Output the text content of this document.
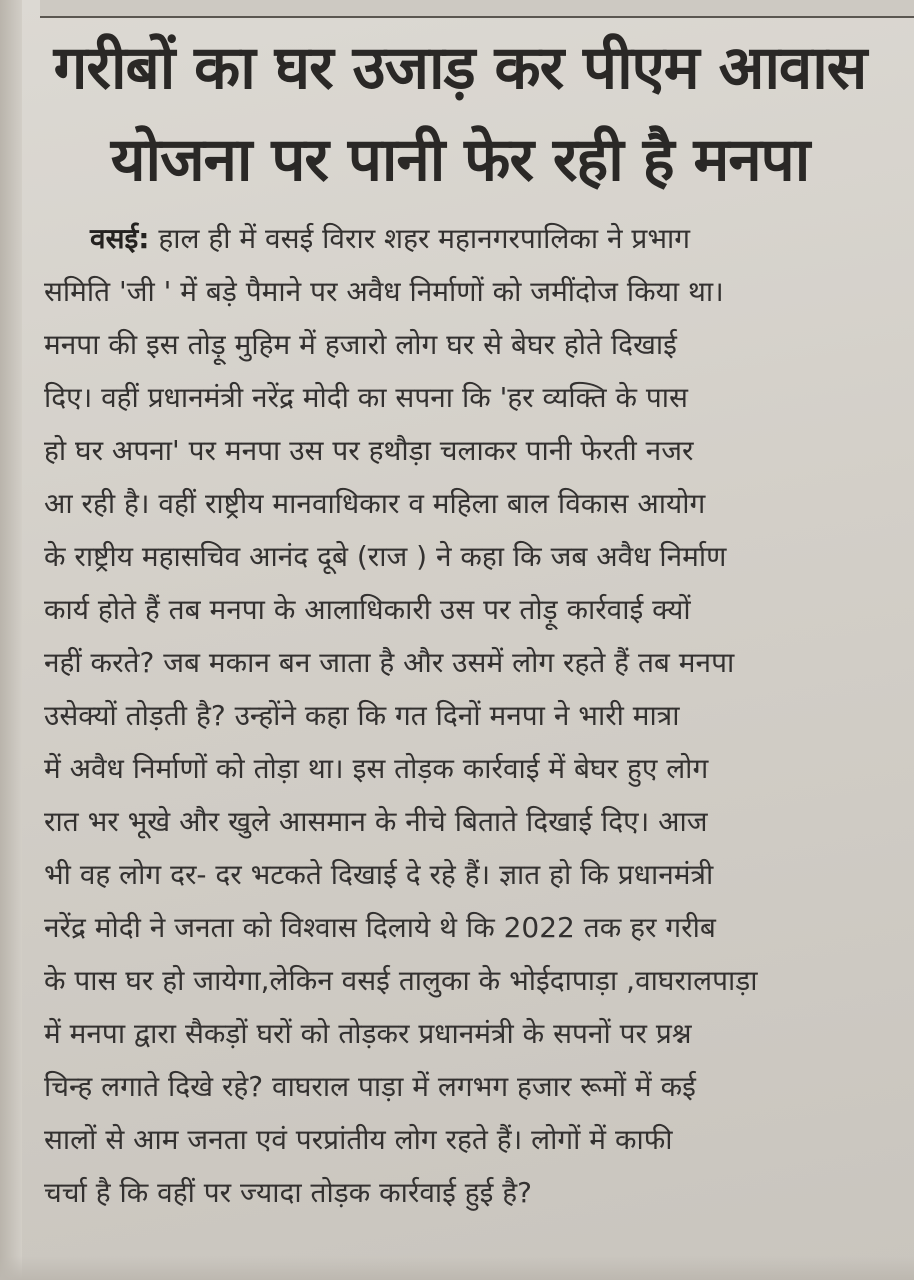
गरीबों का घर उजाड़ कर पीएम आवास
योजना पर पानी फेर रही है मनपा
वसई: हाल ही में वसई विरार शहर महानगरपालिका ने प्रभाग
समिति 'जी ' में बड़े पैमाने पर अवैध निर्माणों को जमींदोज किया था।
मनपा की इस तोड़ू मुहिम में हजारो लोग घर से बेघर होते दिखाई
दिए। वहीं प्रधानमंत्री नरेंद्र मोदी का सपना कि 'हर व्यक्ति के पास
हो घर अपना' पर मनपा उस पर हथौड़ा चलाकर पानी फेरती नजर
आ रही है। वहीं राष्ट्रीय मानवाधिकार व महिला बाल विकास आयोग
के राष्ट्रीय महासचिव आनंद दूबे (राज ) ने कहा कि जब अवैध निर्माण
कार्य होते हैं तब मनपा के आलाधिकारी उस पर तोड़ू कार्रवाई क्यों
नहीं करते? जब मकान बन जाता है और उसमें लोग रहते हैं तब मनपा
उसेक्यों तोड़ती है? उन्होंने कहा कि गत दिनों मनपा ने भारी मात्रा
में अवैध निर्माणों को तोड़ा था। इस तोड़क कार्रवाई में बेघर हुए लोग
रात भर भूखे और खुले आसमान के नीचे बिताते दिखाई दिए। आज
भी वह लोग दर- दर भटकते दिखाई दे रहे हैं। ज्ञात हो कि प्रधानमंत्री
नरेंद्र मोदी ने जनता को विश्वास दिलाये थे कि 2022 तक हर गरीब
के पास घर हो जायेगा,लेकिन वसई तालुका के भोईदापाड़ा ,वाघरालपाड़ा
में मनपा द्वारा सैकड़ों घरों को तोड़कर प्रधानमंत्री के सपनों पर प्रश्न
चिन्ह लगाते दिखे रहे? वाघराल पाड़ा में लगभग हजार रूमों में कई
सालों से आम जनता एवं परप्रांतीय लोग रहते हैं। लोगों में काफी
चर्चा है कि वहीं पर ज्यादा तोड़क कार्रवाई हुई है?
